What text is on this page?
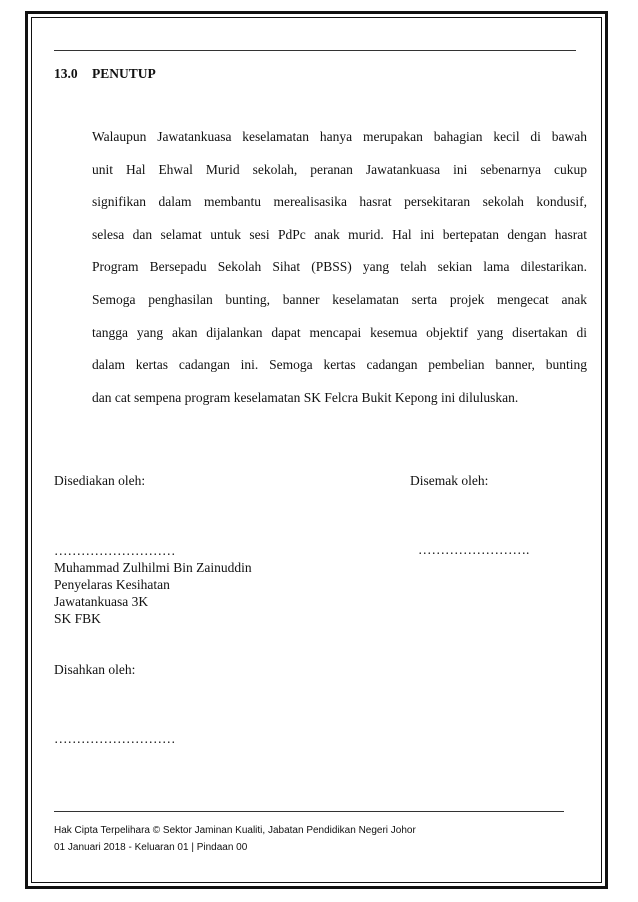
13.0 PENUTUP
Walaupun Jawatankuasa keselamatan hanya merupakan bahagian kecil di bawah
unit Hal Ehwal Murid sekolah, peranan Jawatankuasa ini sebenarnya cukup
signifikan dalam membantu merealisasika hasrat persekitaran sekolah kondusif,
selesa dan selamat untuk sesi PdPc anak murid. Hal ini bertepatan dengan hasrat
Program Bersepadu Sekolah Sihat (PBSS) yang telah sekian lama dilestarikan.
Semoga penghasilan bunting, banner keselamatan serta projek mengecat anak
tangga yang akan dijalankan dapat mencapai kesemua objektif yang disertakan di
dalam kertas cadangan ini. Semoga kertas cadangan pembelian banner, bunting
dan cat sempena program keselamatan SK Felcra Bukit Kepong ini diluluskan.
Disediakan oleh:	Disemak oleh:
…………………….
………………………
Muhammad Zulhilmi Bin Zainuddin
Penyelaras Kesihatan
Jawatankuasa 3K
SK FBK
Disahkan oleh:
………………………
Hak Cipta Terpelihara © Sektor Jaminan Kualiti, Jabatan Pendidikan Negeri Johor
01 Januari 2018 - Keluaran 01 | Pindaan 00
